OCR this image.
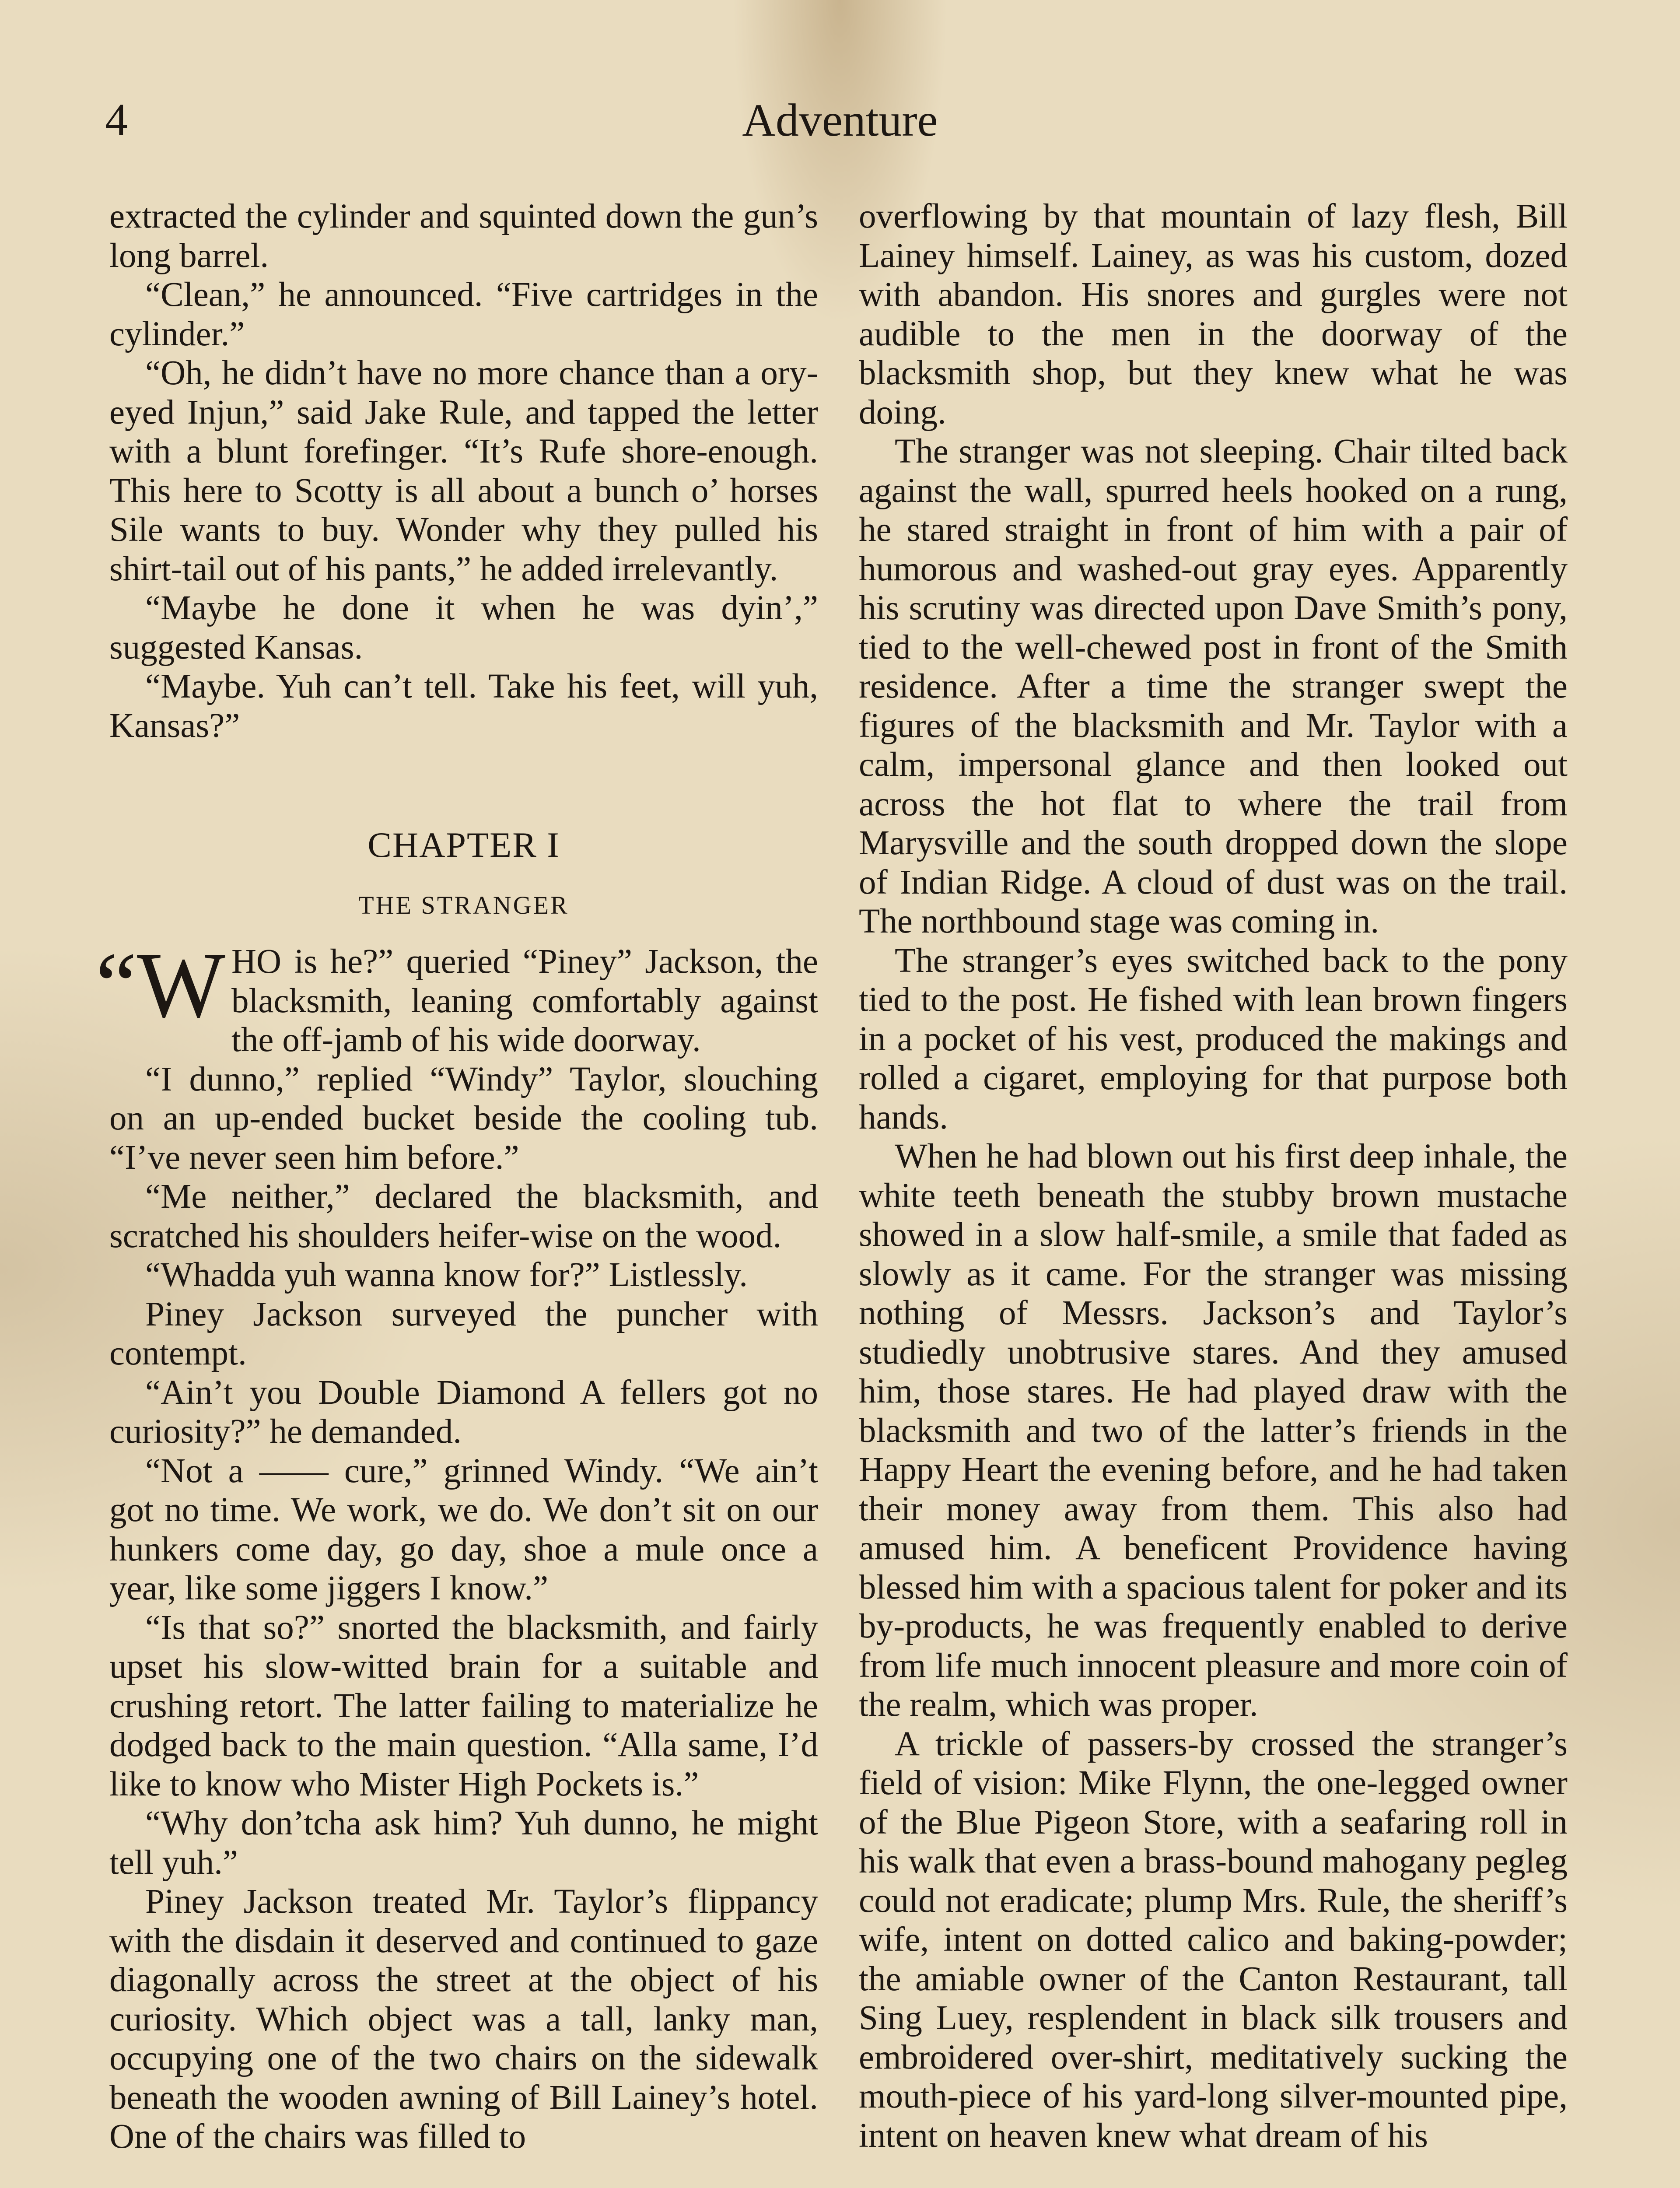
4	Adventure

extracted the cylinder and squinted down the gun’s long barrel.

“Clean,” he announced. “Five cartridges in the cylinder.”

“Oh, he didn’t have no more chance than a ory-eyed Injun,” said Jake Rule, and tapped the letter with a blunt forefinger. “It’s Rufe shore-enough. This here to Scotty is all about a bunch o’ horses Sile wants to buy. Wonder why they pulled his shirt-tail out of his pants,” he added irrelevantly.

“Maybe he done it when he was dyin’,” suggested Kansas.

“Maybe. Yuh can’t tell. Take his feet, will yuh, Kansas?”

CHAPTER I
THE STRANGER

“W HO is he?” queried “Piney” Jackson, the blacksmith, leaning comfortably against the off-jamb of his wide doorway.

“I dunno,” replied “Windy” Taylor, slouching on an up-ended bucket beside the cooling tub. “I’ve never seen him before.”

“Me neither,” declared the blacksmith, and scratched his shoulders heifer-wise on the wood.

“Whadda yuh wanna know for?” Listlessly.

Piney Jackson surveyed the puncher with contempt.

“Ain’t you Double Diamond A fellers got no curiosity?” he demanded.

“Not a —— cure,” grinned Windy. “We ain’t got no time. We work, we do. We don’t sit on our hunkers come day, go day, shoe a mule once a year, like some jiggers I know.”

“Is that so?” snorted the blacksmith, and fairly upset his slow-witted brain for a suitable and crushing retort. The latter failing to materialize he dodged back to the main question. “Alla same, I’d like to know who Mister High Pockets is.”

“Why don’tcha ask him? Yuh dunno, he might tell yuh.”

Piney Jackson treated Mr. Taylor’s flippancy with the disdain it deserved and continued to gaze diagonally across the street at the object of his curiosity. Which object was a tall, lanky man, occupying one of the two chairs on the sidewalk beneath the wooden awning of Bill Lainey’s hotel. One of the chairs was filled to

overflowing by that mountain of lazy flesh, Bill Lainey himself. Lainey, as was his custom, dozed with abandon. His snores and gurgles were not audible to the men in the doorway of the blacksmith shop, but they knew what he was doing.

The stranger was not sleeping. Chair tilted back against the wall, spurred heels hooked on a rung, he stared straight in front of him with a pair of humorous and washed-out gray eyes. Apparently his scrutiny was directed upon Dave Smith’s pony, tied to the well-chewed post in front of the Smith residence. After a time the stranger swept the figures of the blacksmith and Mr. Taylor with a calm, impersonal glance and then looked out across the hot flat to where the trail from Marysville and the south dropped down the slope of Indian Ridge. A cloud of dust was on the trail. The northbound stage was coming in.

The stranger’s eyes switched back to the pony tied to the post. He fished with lean brown fingers in a pocket of his vest, produced the makings and rolled a cigaret, employing for that purpose both hands.

When he had blown out his first deep inhale, the white teeth beneath the stubby brown mustache showed in a slow half-smile, a smile that faded as slowly as it came. For the stranger was missing nothing of Messrs. Jackson’s and Taylor’s studiedly unobtrusive stares. And they amused him, those stares. He had played draw with the blacksmith and two of the latter’s friends in the Happy Heart the evening before, and he had taken their money away from them. This also had amused him. A beneficent Providence having blessed him with a spacious talent for poker and its by-products, he was frequently enabled to derive from life much innocent pleasure and more coin of the realm, which was proper.

A trickle of passers-by crossed the stranger’s field of vision: Mike Flynn, the one-legged owner of the Blue Pigeon Store, with a seafaring roll in his walk that even a brass-bound mahogany pegleg could not eradicate; plump Mrs. Rule, the sheriff’s wife, intent on dotted calico and baking-powder; the amiable owner of the Canton Restaurant, tall Sing Luey, resplendent in black silk trousers and embroidered over-shirt, meditatively sucking the mouth-piece of his yard-long silver-mounted pipe, intent on heaven knew what dream of his
